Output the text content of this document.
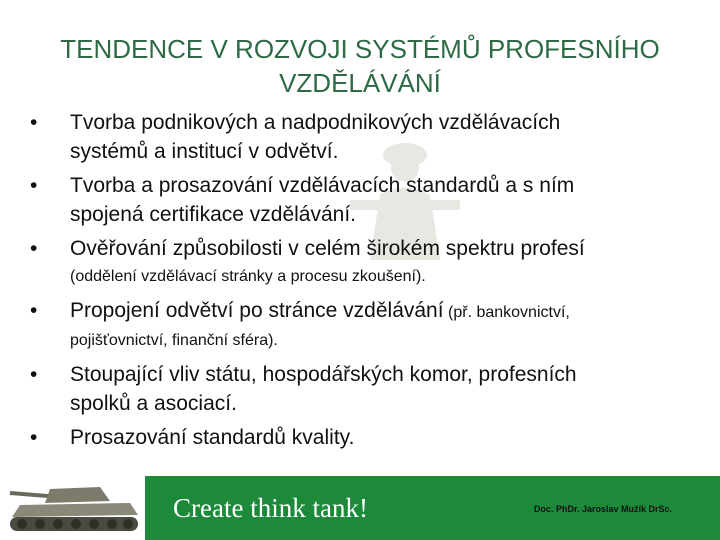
TENDENCE V ROZVOJI SYSTÉMŮ PROFESNÍHO
VZDĚLÁVÁNÍ
• Tvorba podnikových a nadpodnikových vzdělávacích
systémů a institucí v odvětví.
• Tvorba a prosazování vzdělávacích standardů a s ním
spojená certifikace vzdělávání.
• Ověřování způsobilosti v celém širokém spektru profesí
(oddělení vzdělávací stránky a procesu zkoušení).
• Propojení odvětví po stránce vzdělávání (př. bankovnictví,
pojišťovnictví, finanční sféra).
• Stoupající vliv státu, hospodářských komor, profesních
spolků a asociací.
• Prosazování standardů kvality.
Create think tank!	Doc. PhDr. Jaroslav Mužík DrSc.
